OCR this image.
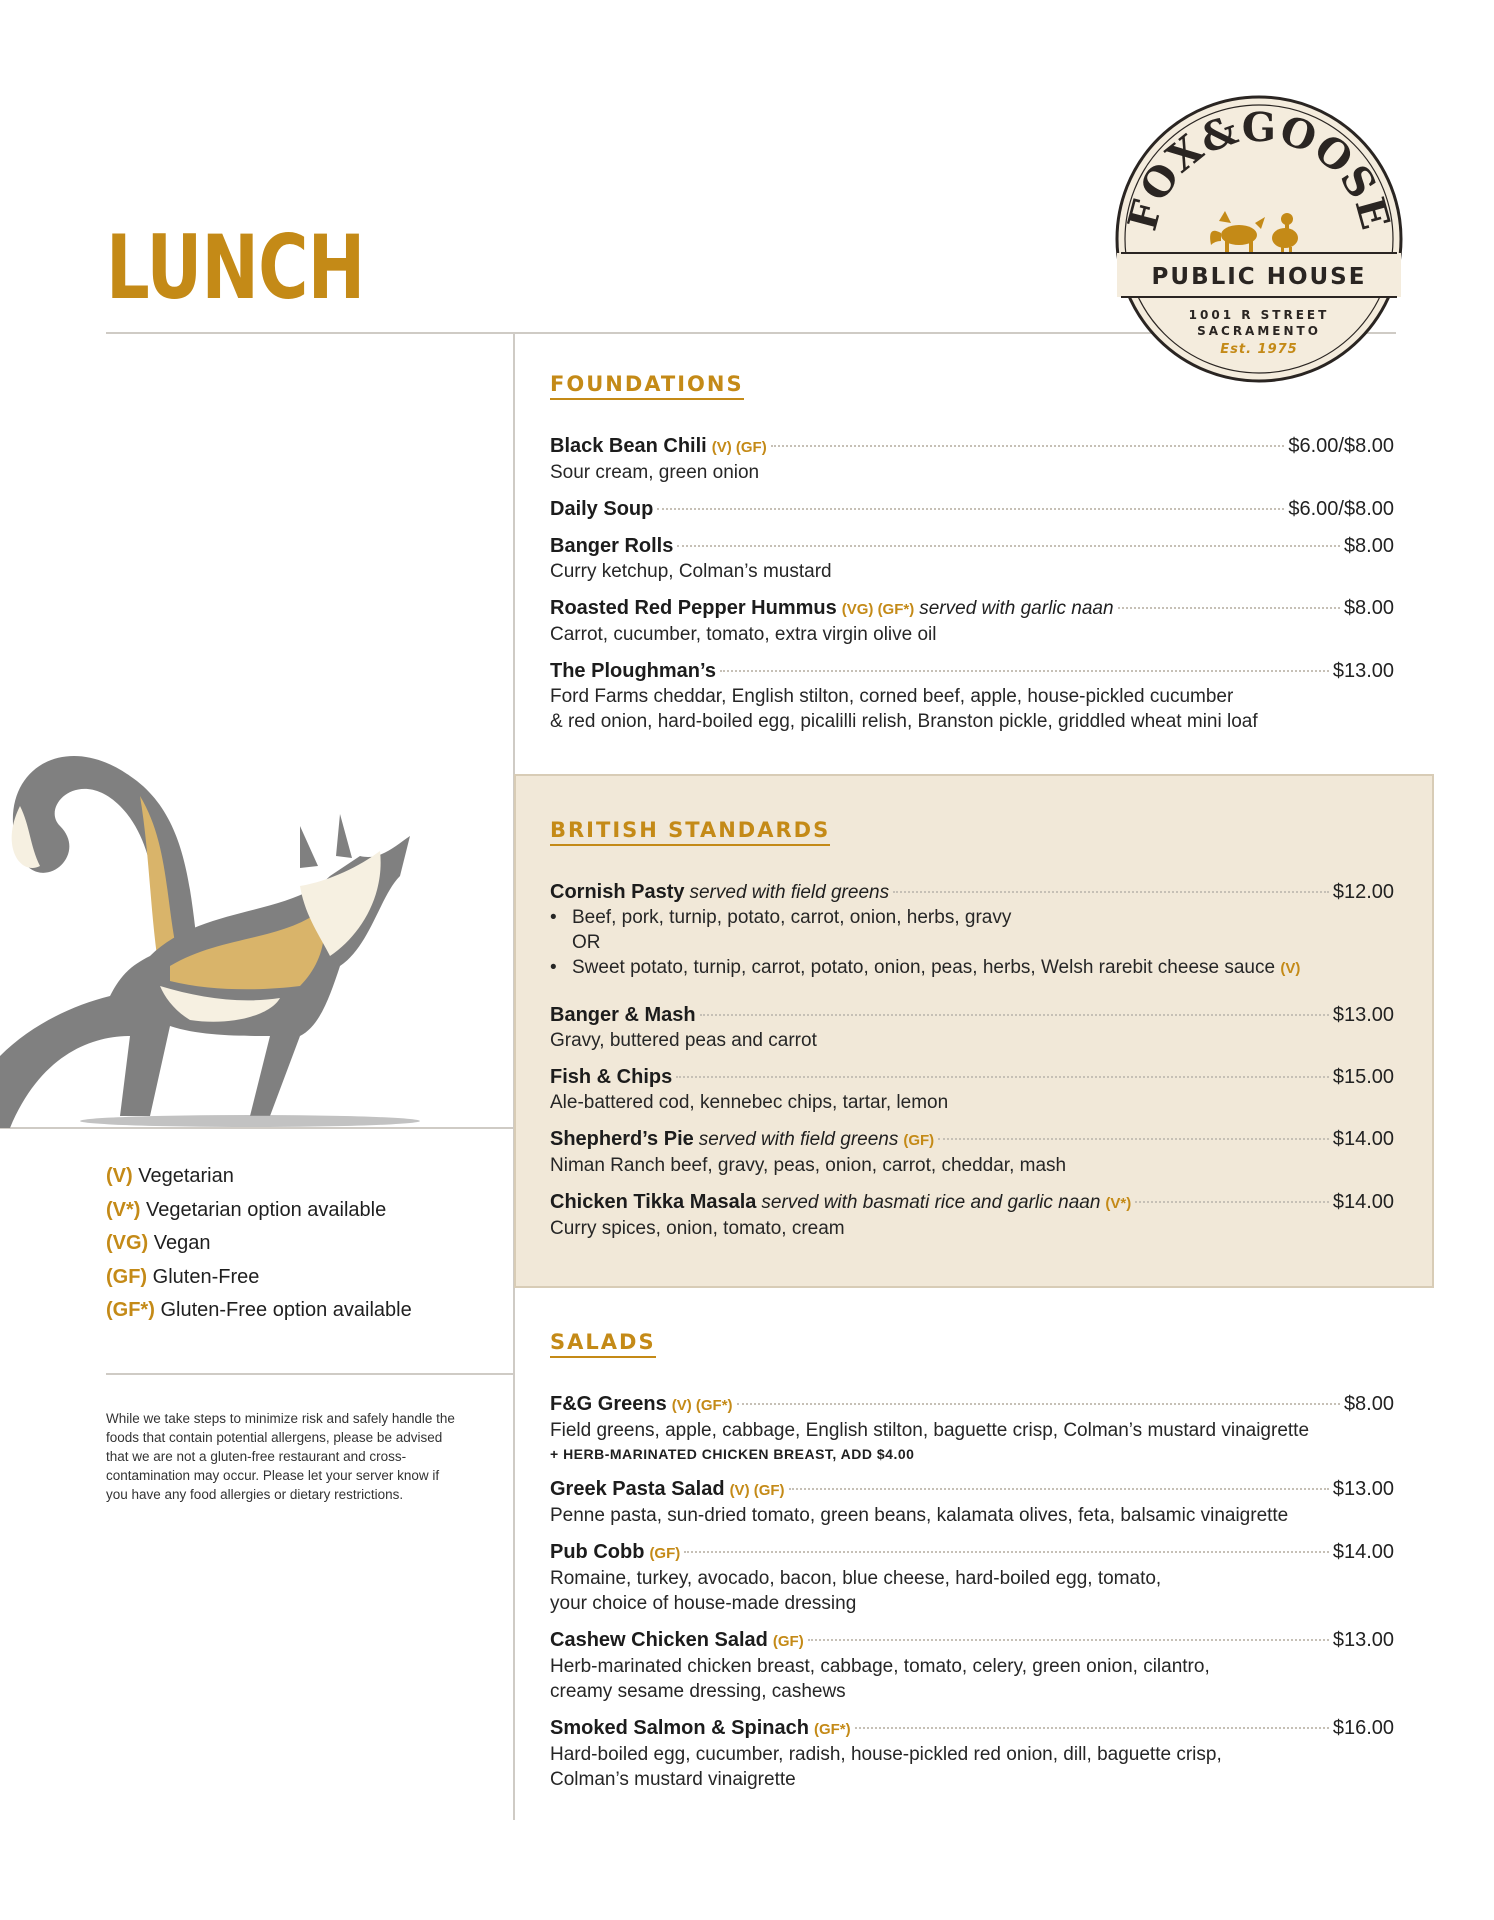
LUNCH
FOX&GOOSE
PUBLIC HOUSE
1001 R STREET
SACRAMENTO
Est. 1975
FOUNDATIONS
Black Bean Chili (V) (GF)	$6.00/$8.00
Sour cream, green onion
Daily Soup	$6.00/$8.00
Banger Rolls	$8.00
Curry ketchup, Colman’s mustard
Roasted Red Pepper Hummus (VG) (GF*) served with garlic naan	$8.00
Carrot, cucumber, tomato, extra virgin olive oil
The Ploughman’s	$13.00
Ford Farms cheddar, English stilton, corned beef, apple, house-pickled cucumber
& red onion, hard-boiled egg, picalilli relish, Branston pickle, griddled wheat mini loaf
BRITISH STANDARDS
Cornish Pasty served with field greens	$12.00
• Beef, pork, turnip, potato, carrot, onion, herbs, gravy
OR
• Sweet potato, turnip, carrot, potato, onion, peas, herbs, Welsh rarebit cheese sauce (V)
Banger & Mash	$13.00
Gravy, buttered peas and carrot
Fish & Chips	$15.00
Ale-battered cod, kennebec chips, tartar, lemon
Shepherd’s Pie served with field greens (GF)	$14.00
Niman Ranch beef, gravy, peas, onion, carrot, cheddar, mash
Chicken Tikka Masala served with basmati rice and garlic naan (V*)	$14.00
Curry spices, onion, tomato, cream
SALADS
F&G Greens (V) (GF*)	$8.00
Field greens, apple, cabbage, English stilton, baguette crisp, Colman’s mustard vinaigrette
+ HERB-MARINATED CHICKEN BREAST, ADD $4.00
Greek Pasta Salad (V) (GF)	$13.00
Penne pasta, sun-dried tomato, green beans, kalamata olives, feta, balsamic vinaigrette
Pub Cobb (GF)	$14.00
Romaine, turkey, avocado, bacon, blue cheese, hard-boiled egg, tomato,
your choice of house-made dressing
Cashew Chicken Salad (GF)	$13.00
Herb-marinated chicken breast, cabbage, tomato, celery, green onion, cilantro,
creamy sesame dressing, cashews
Smoked Salmon & Spinach (GF*)	$16.00
Hard-boiled egg, cucumber, radish, house-pickled red onion, dill, baguette crisp,
Colman’s mustard vinaigrette
(V) Vegetarian
(V*) Vegetarian option available
(VG) Vegan
(GF) Gluten-Free
(GF*) Gluten-Free option available
While we take steps to minimize risk and safely handle the foods that contain potential allergens, please be advised that we are not a gluten-free restaurant and cross-contamination may occur. Please let your server know if you have any food allergies or dietary restrictions.
